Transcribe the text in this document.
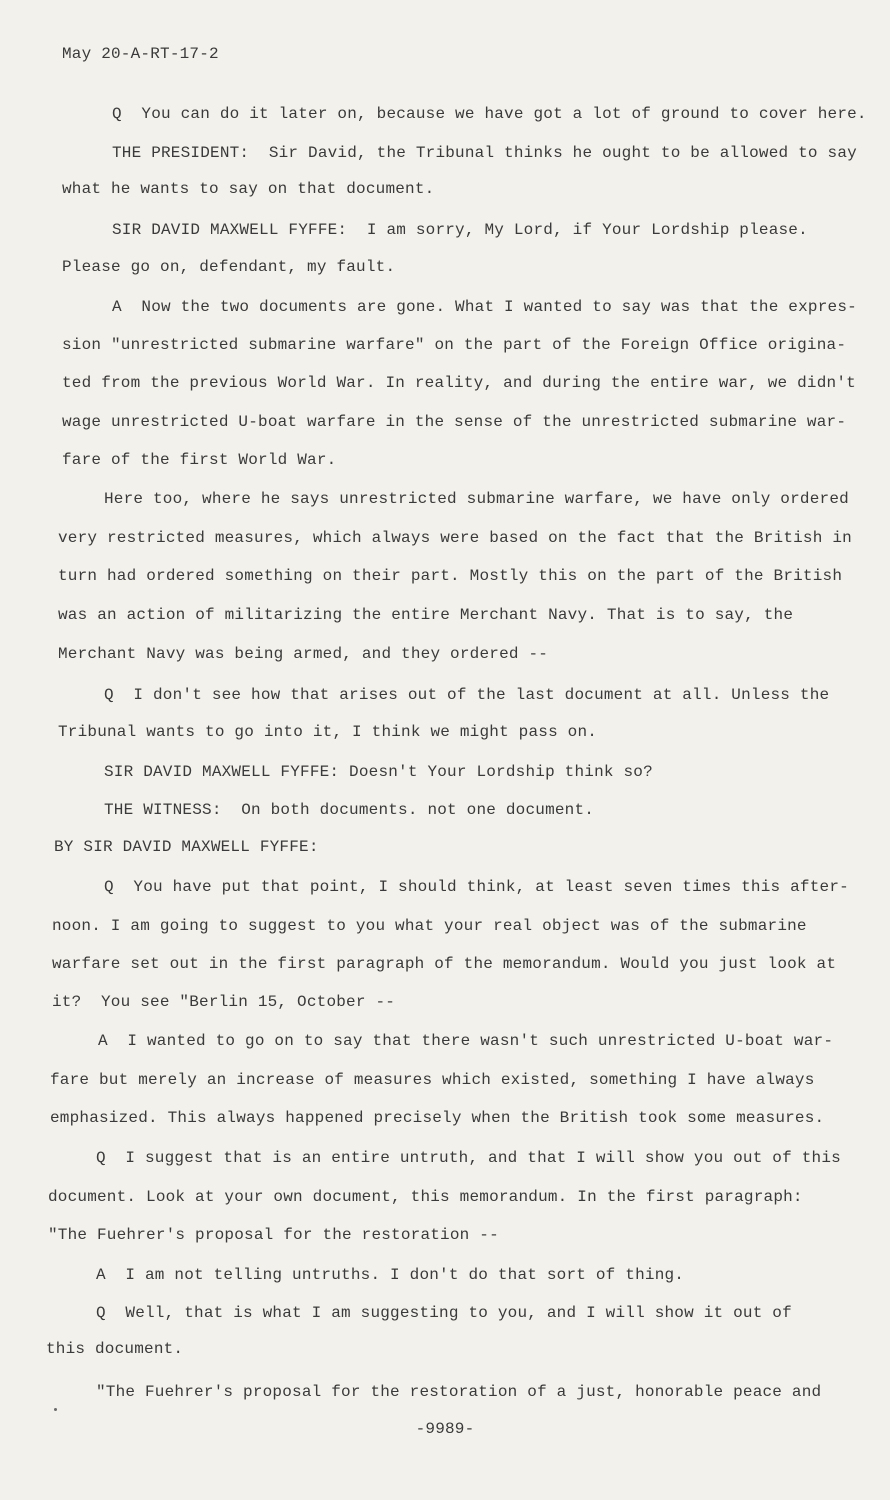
May 20-A-RT-17-2
Q  You can do it later on, because we have got a lot of ground to cover here.
THE PRESIDENT:  Sir David, the Tribunal thinks he ought to be allowed to say
what he wants to say on that document.
SIR DAVID MAXWELL FYFFE:  I am sorry, My Lord, if Your Lordship please.
Please go on, defendant, my fault.
A  Now the two documents are gone. What I wanted to say was that the expres-
sion "unrestricted submarine warfare" on the part of the Foreign Office origina-
ted from the previous World War. In reality, and during the entire war, we didn't
wage unrestricted U-boat warfare in the sense of the unrestricted submarine war-
fare of the first World War.
Here too, where he says unrestricted submarine warfare, we have only ordered
very restricted measures, which always were based on the fact that the British in
turn had ordered something on their part. Mostly this on the part of the British
was an action of militarizing the entire Merchant Navy. That is to say, the
Merchant Navy was being armed, and they ordered --
Q  I don't see how that arises out of the last document at all. Unless the
Tribunal wants to go into it, I think we might pass on.
SIR DAVID MAXWELL FYFFE: Doesn't Your Lordship think so?
THE WITNESS:  On both documents. not one document.
BY SIR DAVID MAXWELL FYFFE:
Q  You have put that point, I should think, at least seven times this after-
noon. I am going to suggest to you what your real object was of the submarine
warfare set out in the first paragraph of the memorandum. Would you just look at
it?  You see "Berlin 15, October --
A  I wanted to go on to say that there wasn't such unrestricted U-boat war-
fare but merely an increase of measures which existed, something I have always
emphasized. This always happened precisely when the British took some measures.
Q  I suggest that is an entire untruth, and that I will show you out of this
document. Look at your own document, this memorandum. In the first paragraph:
"The Fuehrer's proposal for the restoration --
A  I am not telling untruths. I don't do that sort of thing.
Q  Well, that is what I am suggesting to you, and I will show it out of
this document.
"The Fuehrer's proposal for the restoration of a just, honorable peace and
-9989-
